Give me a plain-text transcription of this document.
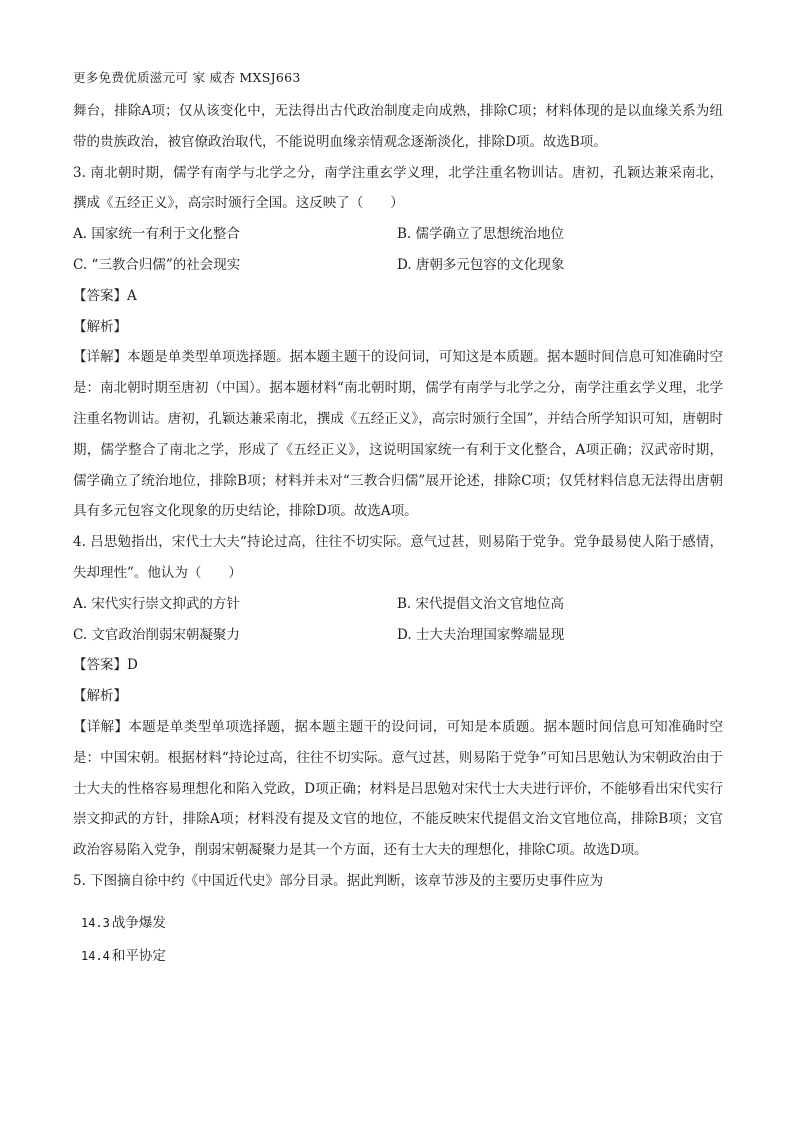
更多免费优质滋元可 家 威杏 MXSJ663

舞台，排除A项；仅从该变化中，无法得出古代政治制度走向成熟，排除C项；材料体现的是以血缘关系为纽带的贵族政治，被官僚政治取代，不能说明血缘亲情观念逐渐淡化，排除D项。故选B项。

3. 南北朝时期，儒学有南学与北学之分，南学注重玄学义理，北学注重名物训诂。唐初，孔颖达兼采南北，撰成《五经正义》，高宗时颁行全国。这反映了（　　）

A. 国家统一有利于文化整合	B. 儒学确立了思想统治地位
C. “三教合归儒”的社会现实	D. 唐朝多元包容的文化现象

【答案】A

【解析】

【详解】本题是单类型单项选择题。据本题主题干的设问词，可知这是本质题。据本题时间信息可知准确时空是：南北朝时期至唐初（中国）。据本题材料“南北朝时期，儒学有南学与北学之分，南学注重玄学义理，北学注重名物训诂。唐初，孔颖达兼采南北，撰成《五经正义》，高宗时颁行全国”，并结合所学知识可知，唐朝时期，儒学整合了南北之学，形成了《五经正义》，这说明国家统一有利于文化整合，A项正确；汉武帝时期，儒学确立了统治地位，排除B项；材料并未对“三教合归儒”展开论述，排除C项；仅凭材料信息无法得出唐朝具有多元包容文化现象的历史结论，排除D项。故选A项。

4. 吕思勉指出，宋代士大夫“持论过高，往往不切实际。意气过甚，则易陷于党争。党争最易使人陷于感情，失却理性”。他认为（　　）

A. 宋代实行崇文抑武的方针	B. 宋代提倡文治文官地位高
C. 文官政治削弱宋朝凝聚力	D. 士大夫治理国家弊端显现

【答案】D

【解析】

【详解】本题是单类型单项选择题，据本题主题干的设问词，可知是本质题。据本题时间信息可知准确时空是：中国宋朝。根据材料“持论过高，往往不切实际。意气过甚，则易陷于党争”可知吕思勉认为宋朝政治由于士大夫的性格容易理想化和陷入党政，D项正确；材料是吕思勉对宋代士大夫进行评价，不能够看出宋代实行崇文抑武的方针，排除A项；材料没有提及文官的地位，不能反映宋代提倡文治文官地位高，排除B项；文官政治容易陷入党争，削弱宋朝凝聚力是其一个方面，还有士大夫的理想化，排除C项。故选D项。

5. 下图摘自徐中约《中国近代史》部分目录。据此判断，该章节涉及的主要历史事件应为

14.3 战争爆发

14.4 和平协定
